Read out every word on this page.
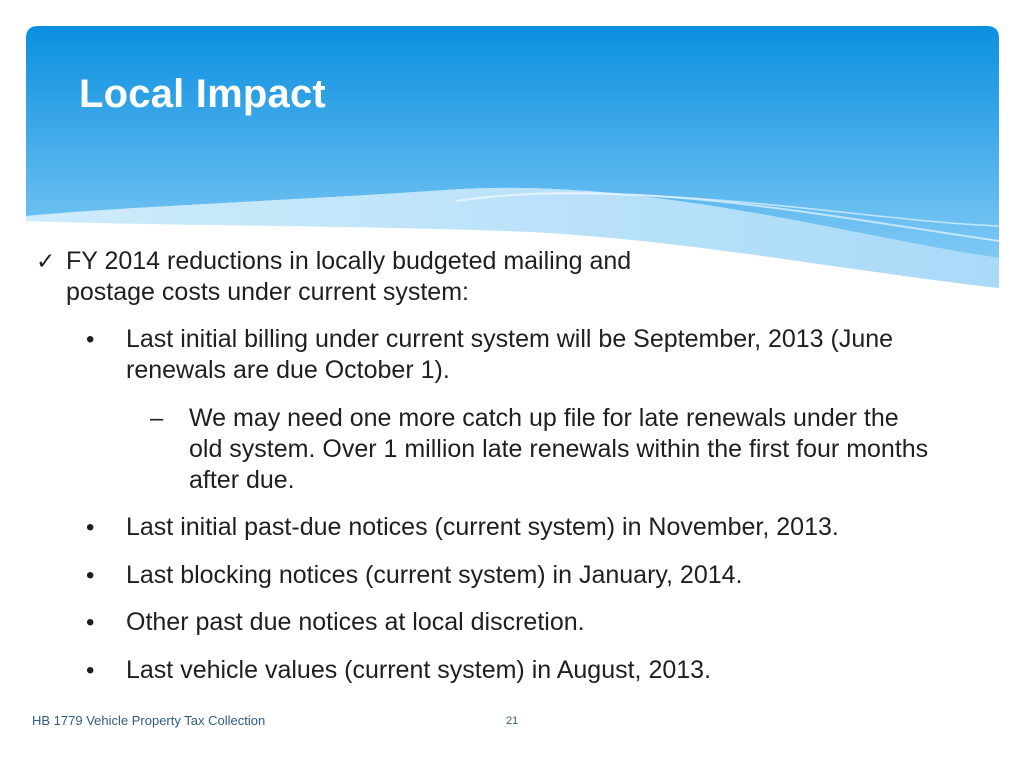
Local Impact
✓ FY 2014 reductions in locally budgeted mailing and postage costs under current system:
• Last initial billing under current system will be September, 2013 (June renewals are due October 1).
– We may need one more catch up file for late renewals under the old system. Over 1 million late renewals within the first four months after due.
• Last initial past-due notices (current system) in November, 2013.
• Last blocking notices (current system) in January, 2014.
• Other past due notices at local discretion.
• Last vehicle values (current system) in August, 2013.
HB 1779 Vehicle Property Tax Collection	21
